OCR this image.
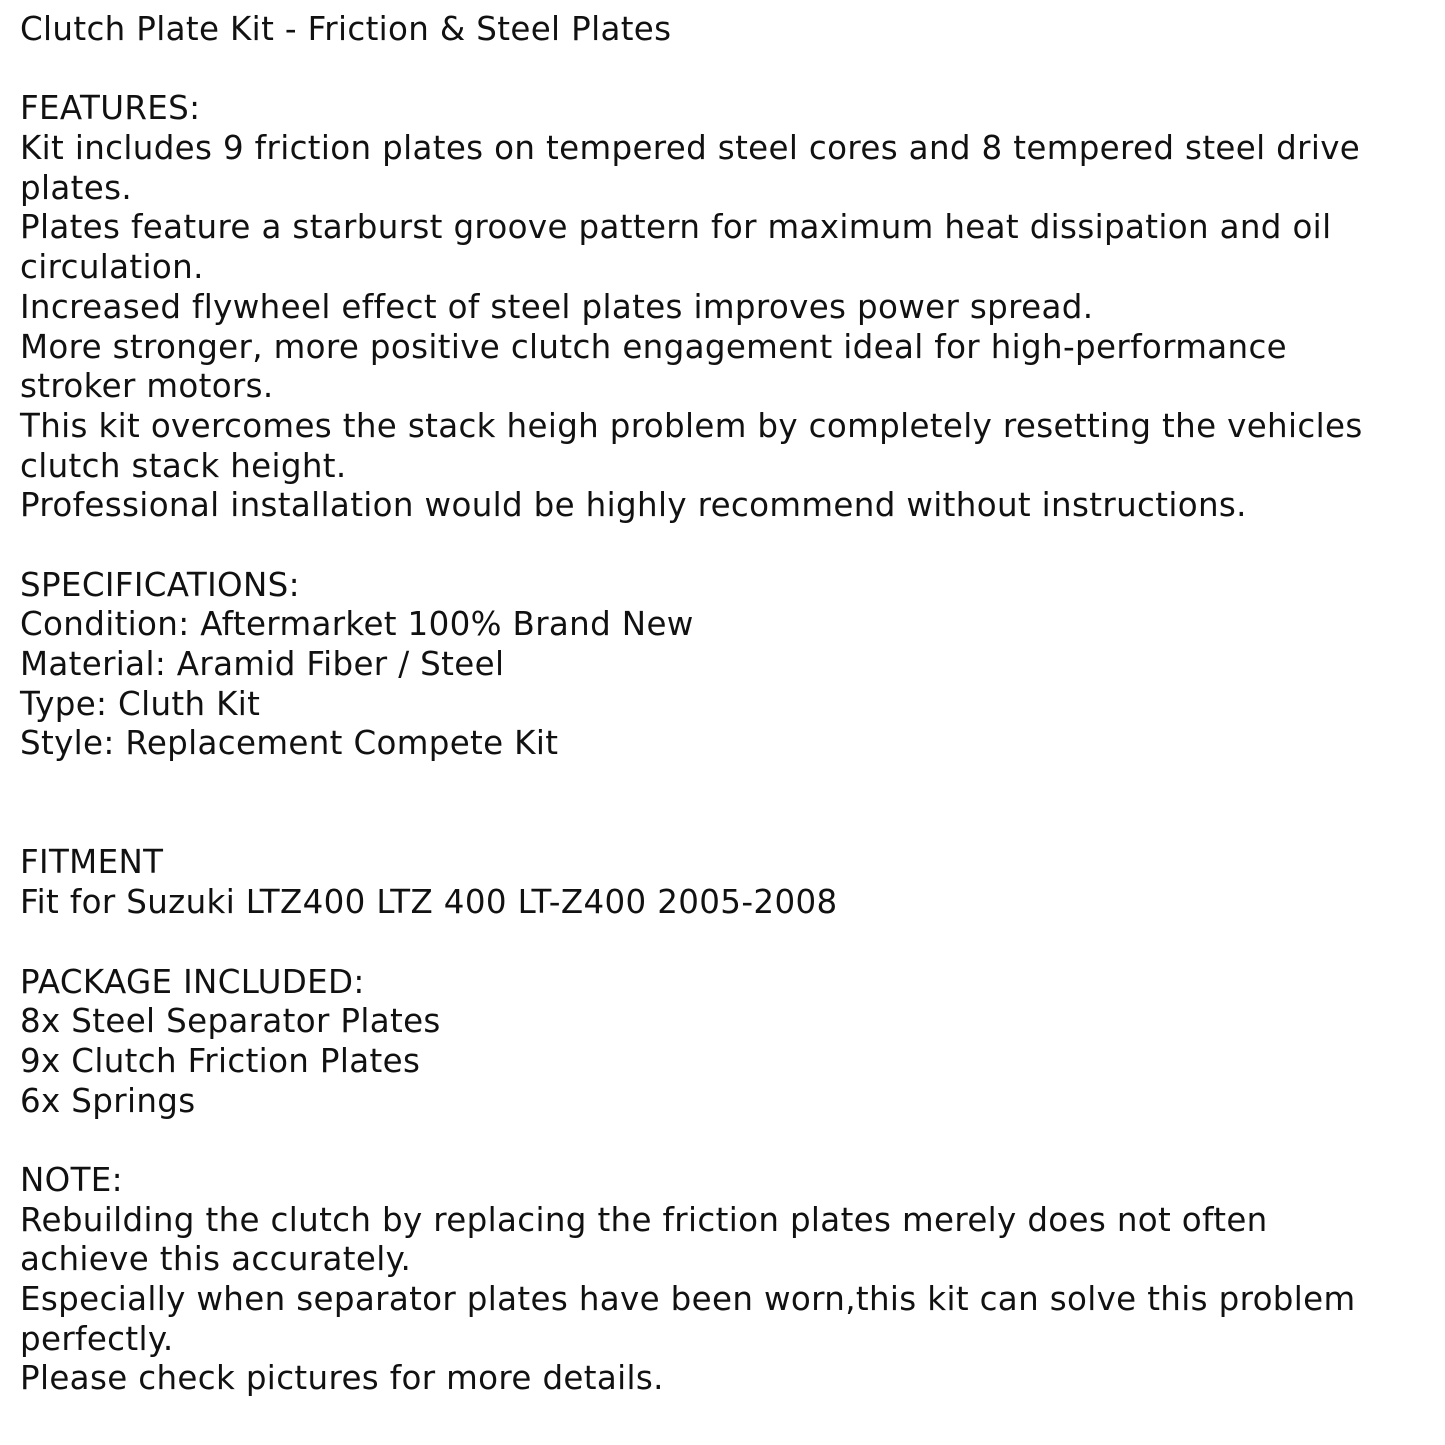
Clutch Plate Kit - Friction & Steel Plates
FEATURES:
Kit includes 9 friction plates on tempered steel cores and 8 tempered steel drive
plates.
Plates feature a starburst groove pattern for maximum heat dissipation and oil
circulation.
Increased flywheel effect of steel plates improves power spread.
More stronger, more positive clutch engagement ideal for high-performance
stroker motors.
This kit overcomes the stack heigh problem by completely resetting the vehicles
clutch stack height.
Professional installation would be highly recommend without instructions.
SPECIFICATIONS:
Condition: Aftermarket 100% Brand New
Material: Aramid Fiber / Steel
Type: Cluth Kit
Style: Replacement Compete Kit
FITMENT
Fit for Suzuki LTZ400 LTZ 400 LT-Z400 2005-2008
PACKAGE INCLUDED:
8x Steel Separator Plates
9x Clutch Friction Plates
6x Springs
NOTE:
Rebuilding the clutch by replacing the friction plates merely does not often
achieve this accurately.
Especially when separator plates have been worn,this kit can solve this problem
perfectly.
Please check pictures for more details.
